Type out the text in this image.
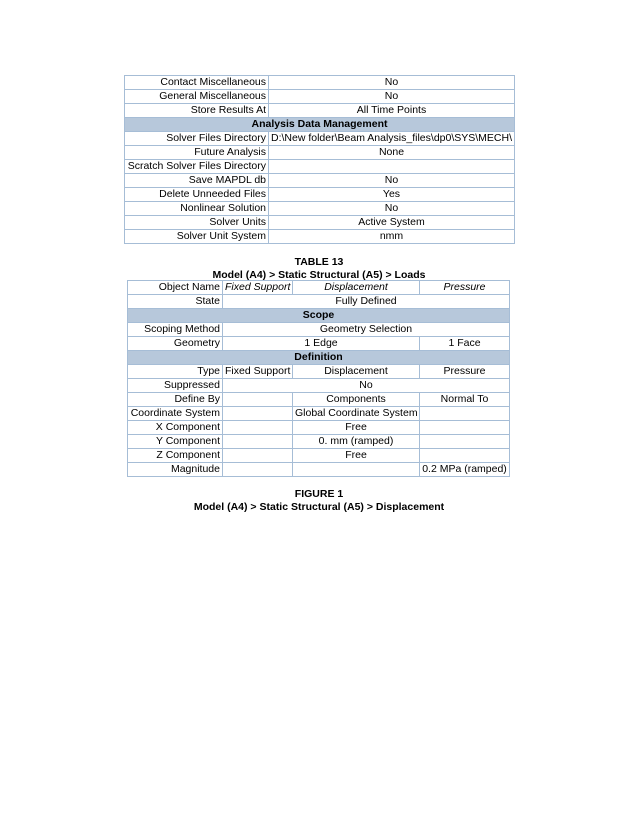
Contact Miscellaneous	No
General Miscellaneous	No
Store Results At	All Time Points
Analysis Data Management	
Solver Files Directory	D:\New folder\Beam Analysis_files\dp0\SYS\MECH\
Future Analysis	None
Scratch Solver Files Directory	
Save MAPDL db	No
Delete Unneeded Files	Yes
Nonlinear Solution	No
Solver Units	Active System
Solver Unit System	nmm
TABLE 13
Model (A4) > Static Structural (A5) > Loads
Object Name	Fixed Support	Displacement	Pressure
State	Fully Defined		
Scope			
Scoping Method	Geometry Selection		
Geometry	1 Edge		1 Face
Definition			
Type	Fixed Support	Displacement	Pressure
Suppressed	No		
Define By		Components	Normal To
Coordinate System		Global Coordinate System	
X Component		Free	
Y Component		0. mm (ramped)	
Z Component		Free	
Magnitude			0.2 MPa (ramped)
FIGURE 1
Model (A4) > Static Structural (A5) > Displacement
